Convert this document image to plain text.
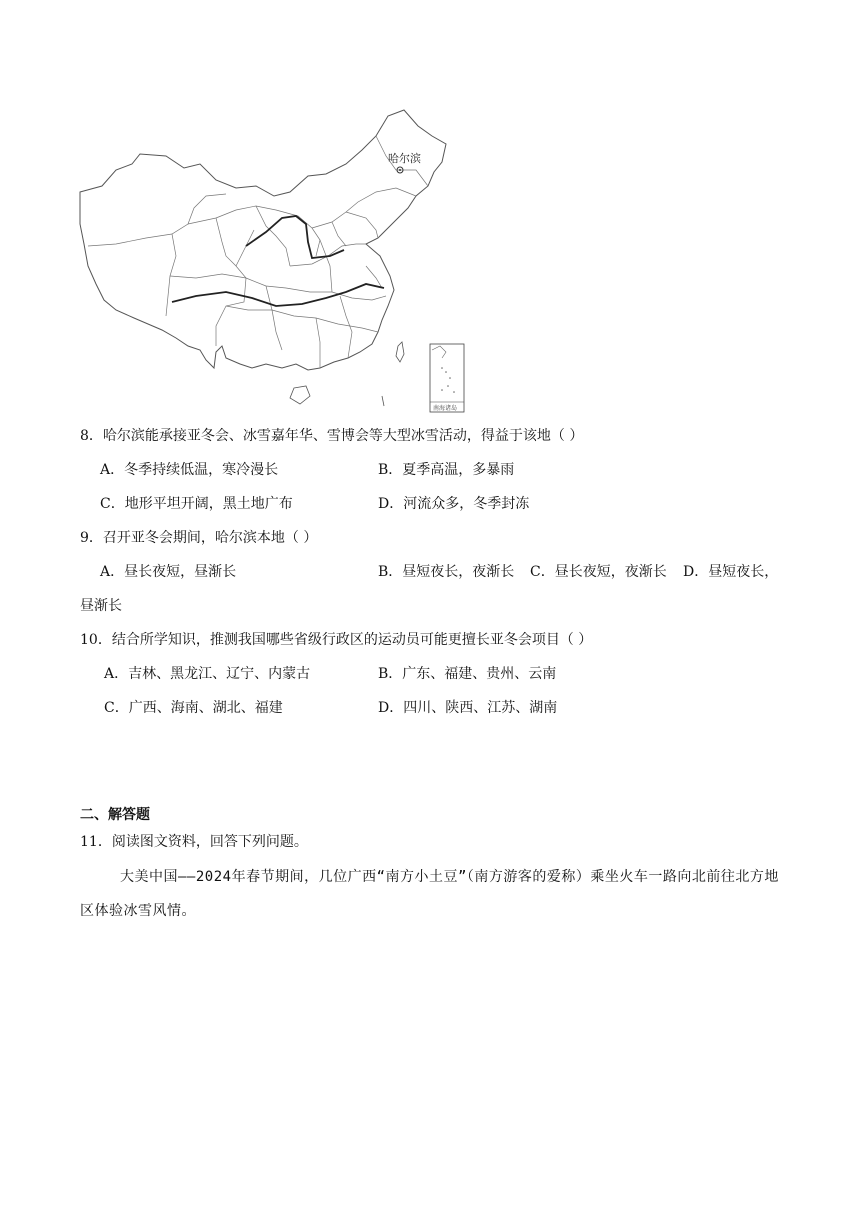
哈尔滨
南海诸岛
8．哈尔滨能承接亚冬会、冰雪嘉年华、雪博会等大型冰雪活动，得益于该地（ ）
A．冬季持续低温，寒冷漫长	B．夏季高温，多暴雨
C．地形平坦开阔，黑土地广布	D．河流众多，冬季封冻
9．召开亚冬会期间，哈尔滨本地（ ）
A．昼长夜短，昼渐长	B．昼短夜长，夜渐长 C．昼长夜短，夜渐长 D．昼短夜长，
昼渐长
10．结合所学知识，推测我国哪些省级行政区的运动员可能更擅长亚冬会项目（ ）
A．吉林、黑龙江、辽宁、内蒙古	B．广东、福建、贵州、云南
C．广西、海南、湖北、福建	D．四川、陕西、江苏、湖南
二、解答题
11．阅读图文资料，回答下列问题。
大美中国——2024年春节期间，几位广西“南方小土豆”（南方游客的爱称）乘坐火车一路向北前往北方地区体验冰雪风情。
